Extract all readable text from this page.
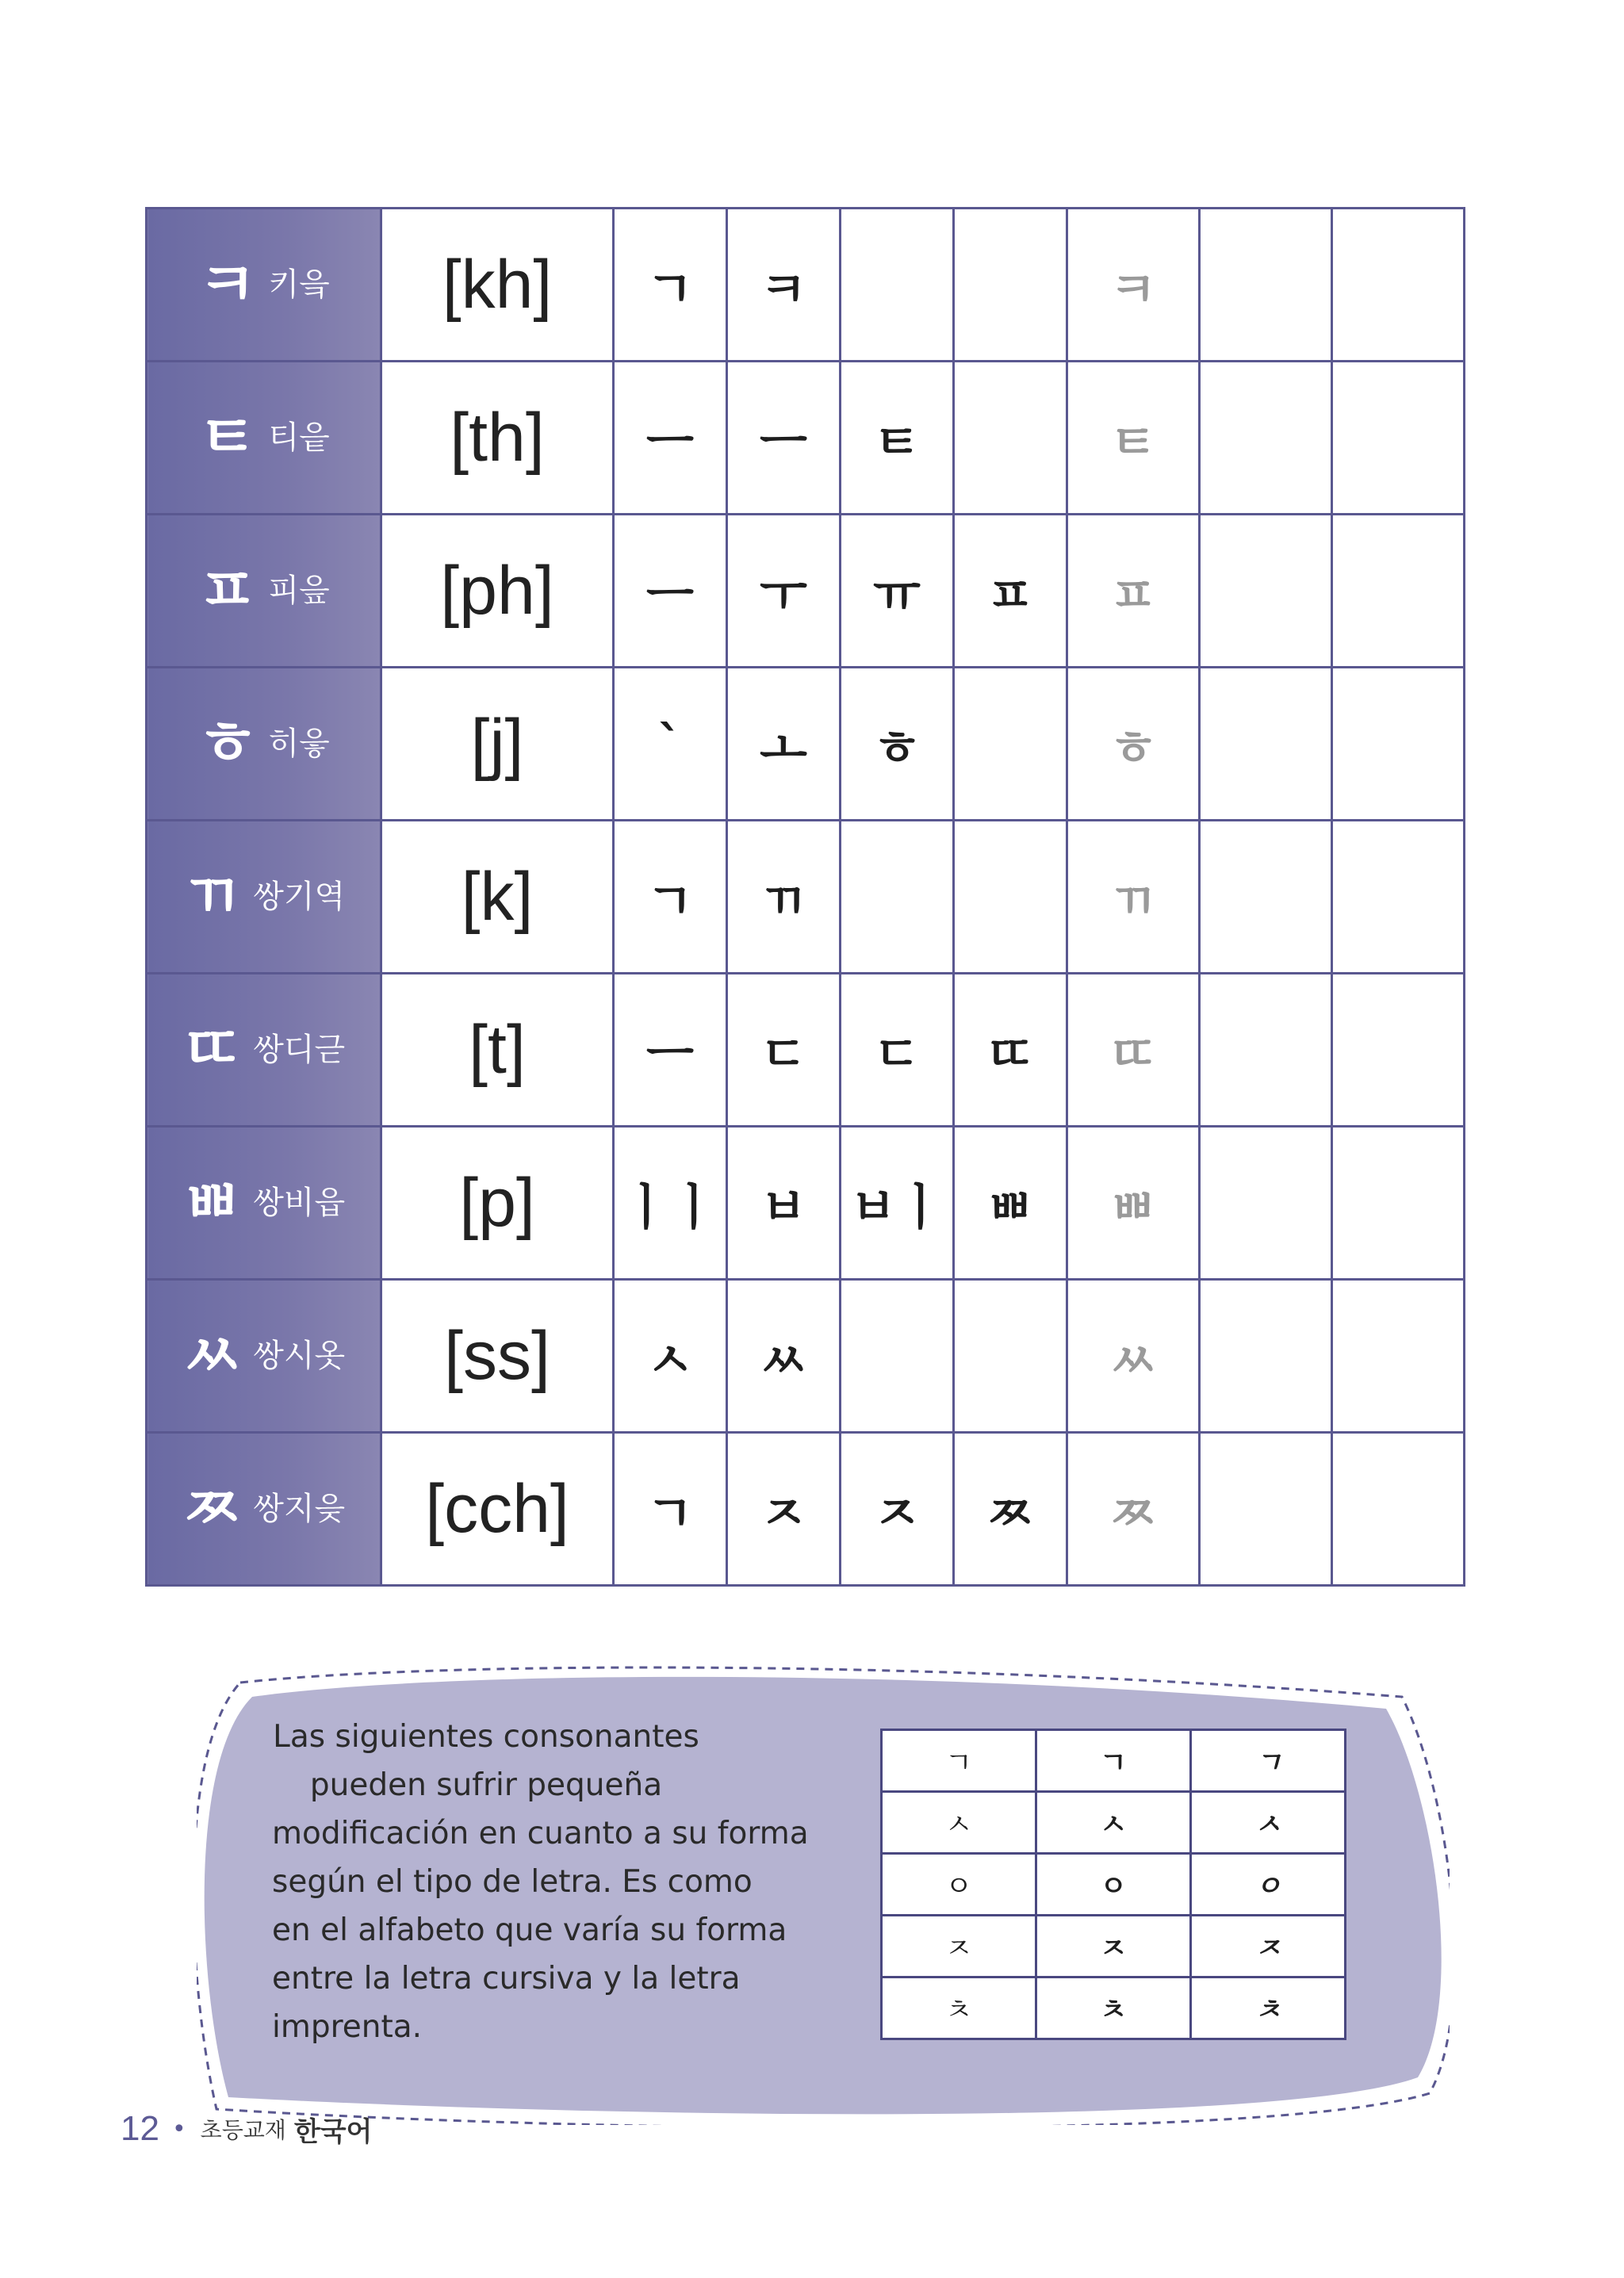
ㅋ 키읔	[kh]	ㄱ	ㅋ			ㅋ		

ㅌ 티읕	[th]	ㅡ	ㅡ	ㅌ		ㅌ		

ㅍ 피읖	[ph]	ㅡ	ㅜ	ㅠ	ㅍ	ㅍ		

ㅎ 히읗	[j]	ˋ	ㅗ	ㅎ		ㅎ		

ㄲ 쌍기역	[k]	ㄱ	ㄲ			ㄲ		

ㄸ 쌍디귿	[t]	ㅡ	ㄷ	ㄷ	ㄸ	ㄸ		

ㅃ 쌍비읍	[p]	ㅣㅣ	ㅂ	ㅂㅣ	ㅃ	ㅃ		

ㅆ 쌍시옷	[ss]	ㅅ	ㅆ			ㅆ		

ㅉ 쌍지읒	[cch]	ㄱ	ㅈ	ㅈ	ㅉ	ㅉ		
Las siguientes consonantes
pueden sufrir pequeña
modificación en cuanto a su forma
según el tipo de letra. Es como
en el alfabeto que varía su forma
entre la letra cursiva y la letra
imprenta.
ㄱ	ㄱ	ㄱ
ㅅ	ㅅ	ㅅ
ㅇ	ㅇ	ㅇ
ㅈ	ㅈ	ㅈ
ㅊ	ㅊ	ㅊ
12 • 초등교재 한국어
